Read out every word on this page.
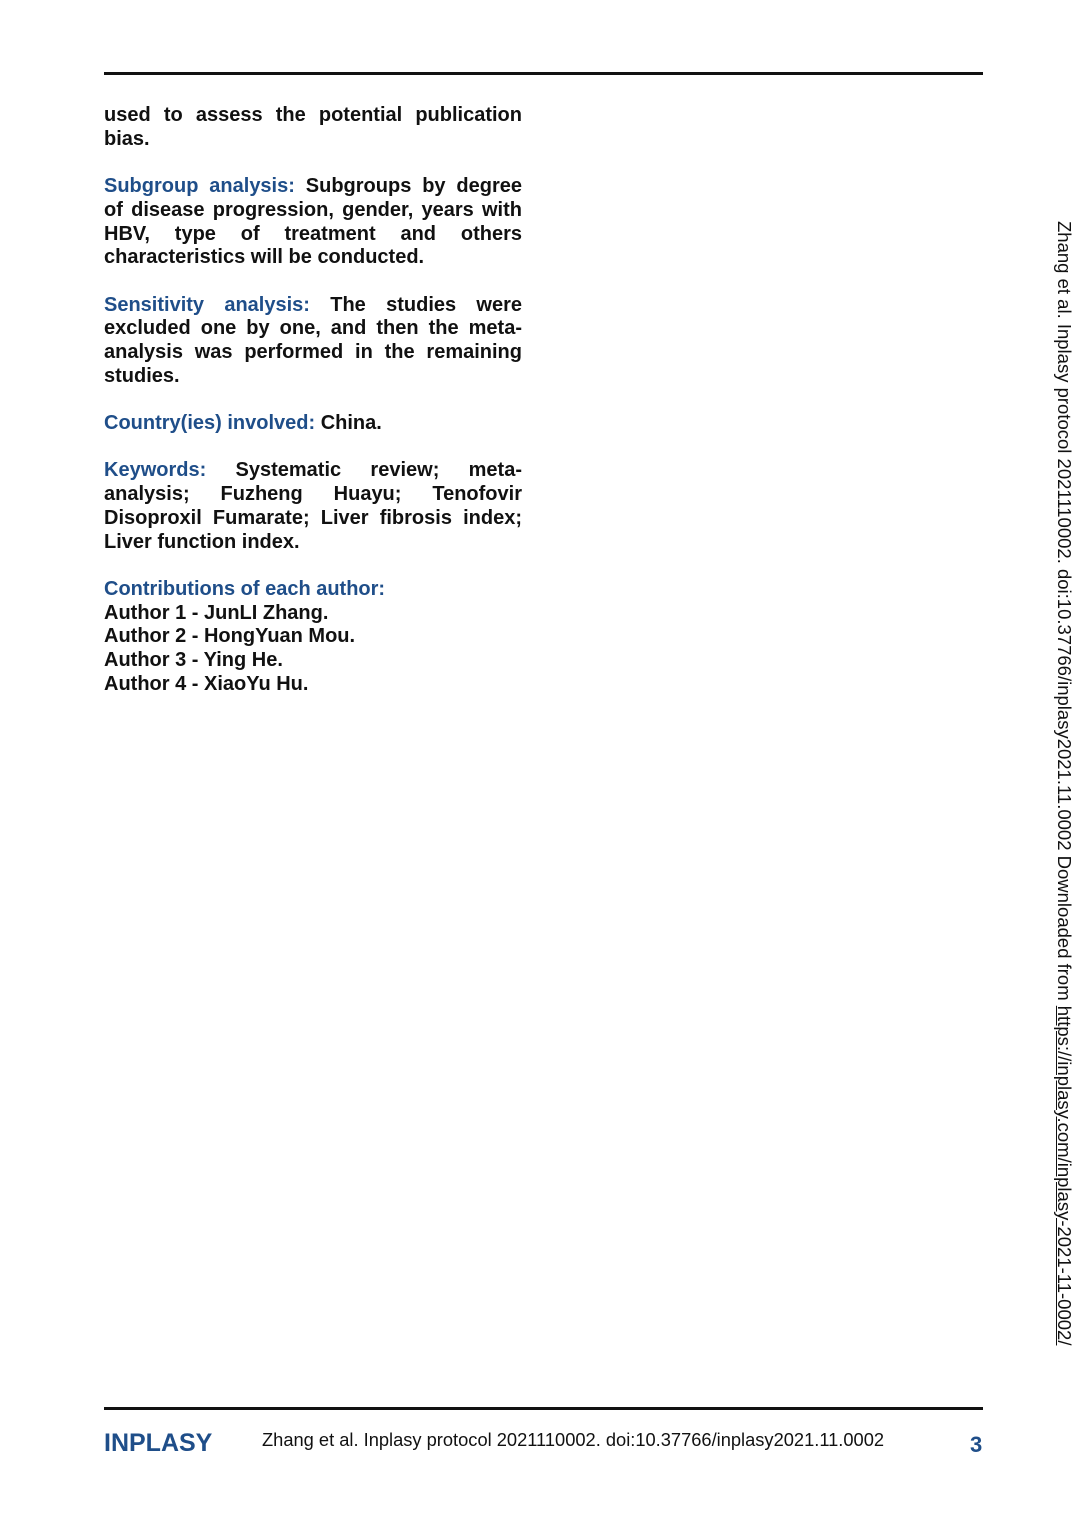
used to assess the potential publication bias.
Subgroup analysis: Subgroups by degree of disease progression, gender, years with HBV, type of treatment and others characteristics will be conducted.
Sensitivity analysis: The studies were excluded one by one, and then the meta-analysis was performed in the remaining studies.
Country(ies) involved: China.
Keywords: Systematic review; meta-analysis; Fuzheng Huayu; Tenofovir Disoproxil Fumarate; Liver fibrosis index; Liver function index.
Contributions of each author:
Author 1 - JunLI Zhang.
Author 2 - HongYuan Mou.
Author 3 - Ying He.
Author 4 - XiaoYu Hu.	Zhang et al. Inplasy protocol 2021110002. doi:10.37766/inplasy2021.11.0002 Downloaded from https://inplasy.com/inplasy-2021-11-0002/
INPLASY	Zhang et al. Inplasy protocol 2021110002. doi:10.37766/inplasy2021.11.0002	3
